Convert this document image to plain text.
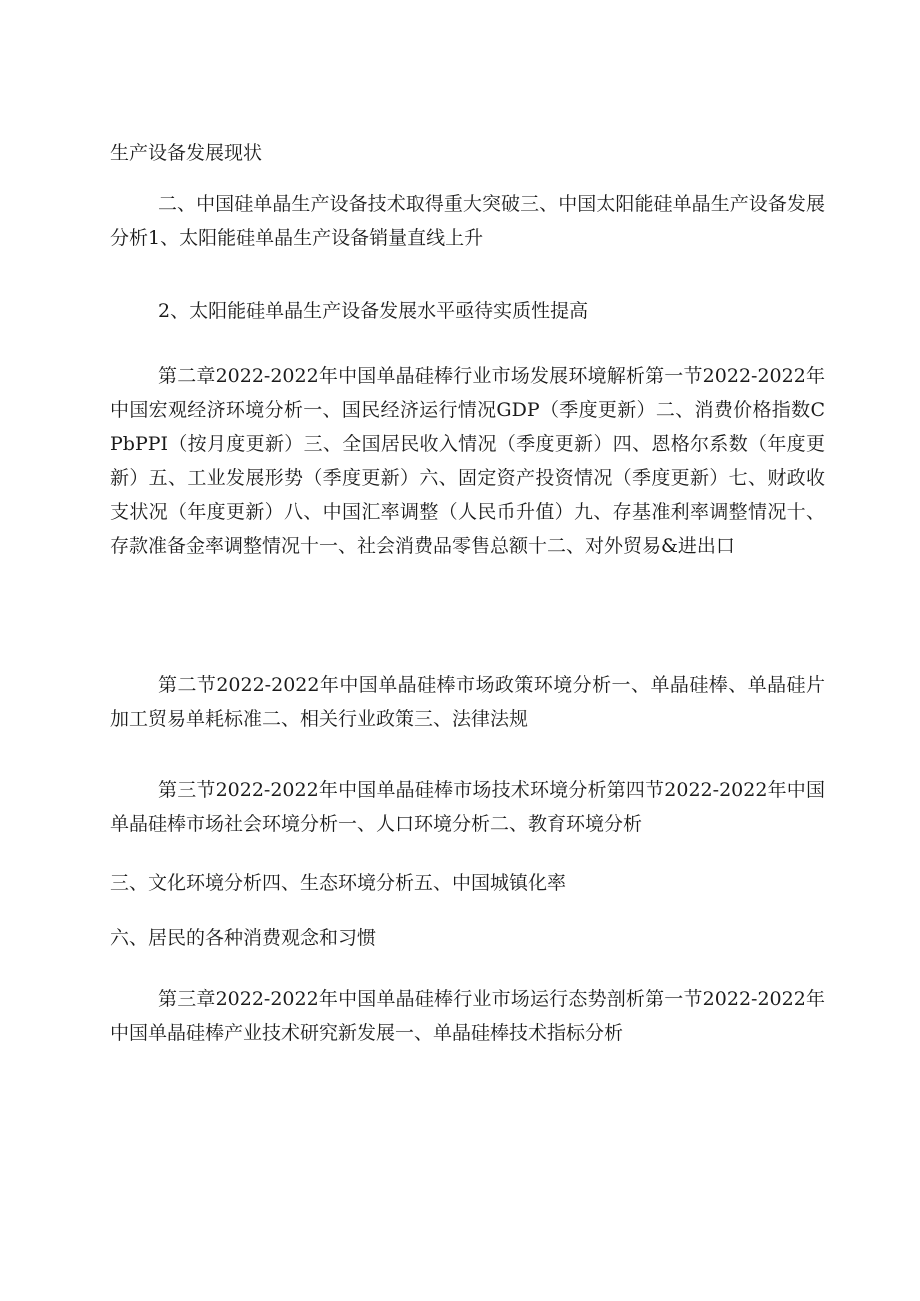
生产设备发展现状

二、中国硅单晶生产设备技术取得重大突破三、中国太阳能硅单晶生产设备发展分析1、太阳能硅单晶生产设备销量直线上升

2、太阳能硅单晶生产设备发展水平亟待实质性提高

第二章2022-2022年中国单晶硅棒行业市场发展环境解析第一节2022-2022年中国宏观经济环境分析一、国民经济运行情况GDP（季度更新）二、消费价格指数CPbPPI（按月度更新）三、全国居民收入情况（季度更新）四、恩格尔系数（年度更新）五、工业发展形势（季度更新）六、固定资产投资情况（季度更新）七、财政收支状况（年度更新）八、中国汇率调整（人民币升值）九、存基准利率调整情况十、存款准备金率调整情况十一、社会消费品零售总额十二、对外贸易&进出口

第二节2022-2022年中国单晶硅棒市场政策环境分析一、单晶硅棒、单晶硅片加工贸易单耗标准二、相关行业政策三、法律法规

第三节2022-2022年中国单晶硅棒市场技术环境分析第四节2022-2022年中国单晶硅棒市场社会环境分析一、人口环境分析二、教育环境分析

三、文化环境分析四、生态环境分析五、中国城镇化率

六、居民的各种消费观念和习惯

第三章2022-2022年中国单晶硅棒行业市场运行态势剖析第一节2022-2022年中国单晶硅棒产业技术研究新发展一、单晶硅棒技术指标分析
